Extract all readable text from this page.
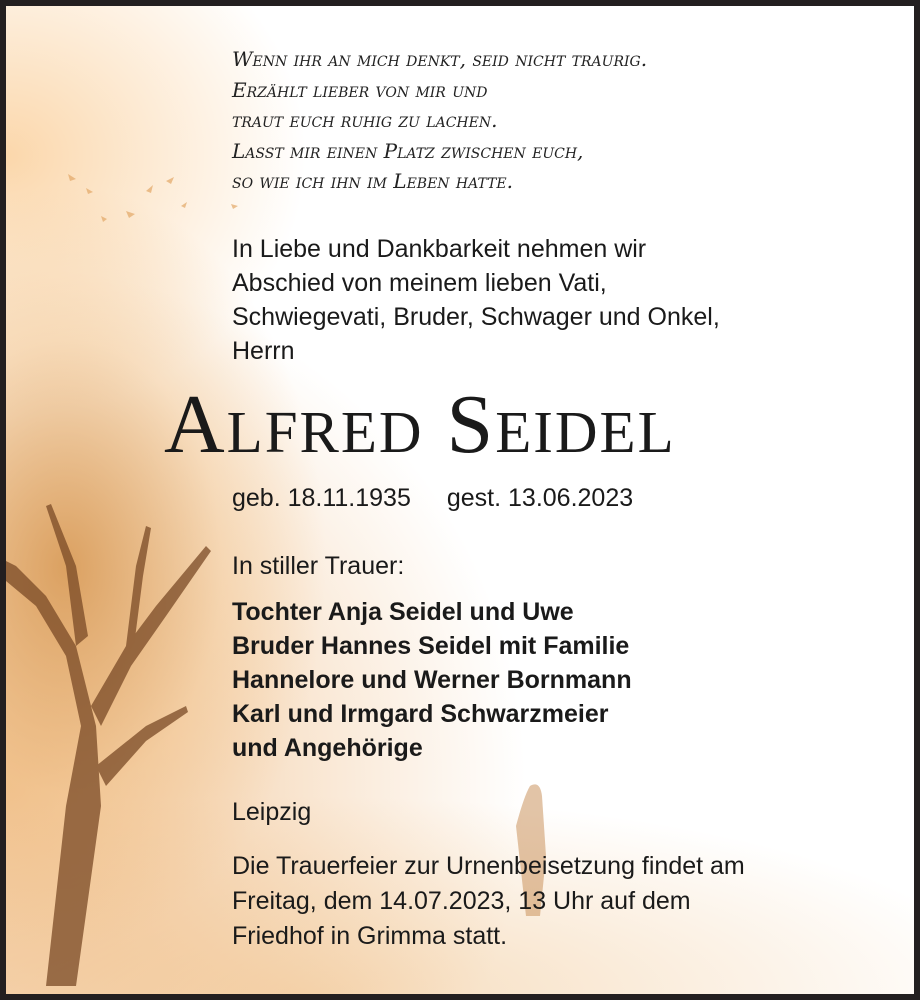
Wenn ihr an mich denkt, seid nicht traurig.
Erzählt lieber von mir und
traut euch ruhig zu lachen.
Lasst mir einen Platz zwischen euch,
so wie ich ihn im Leben hatte.
In Liebe und Dankbarkeit nehmen wir
Abschied von meinem lieben Vati,
Schwiegevati, Bruder, Schwager und Onkel,
Herrn
Alfred Seidel
geb. 18.11.1935 gest. 13.06.2023
In stiller Trauer:
Tochter Anja Seidel und Uwe
Bruder Hannes Seidel mit Familie
Hannelore und Werner Bornmann
Karl und Irmgard Schwarzmeier
und Angehörige
Leipzig
Die Trauerfeier zur Urnenbeisetzung findet am
Freitag, dem 14.07.2023, 13 Uhr auf dem
Friedhof in Grimma statt.
